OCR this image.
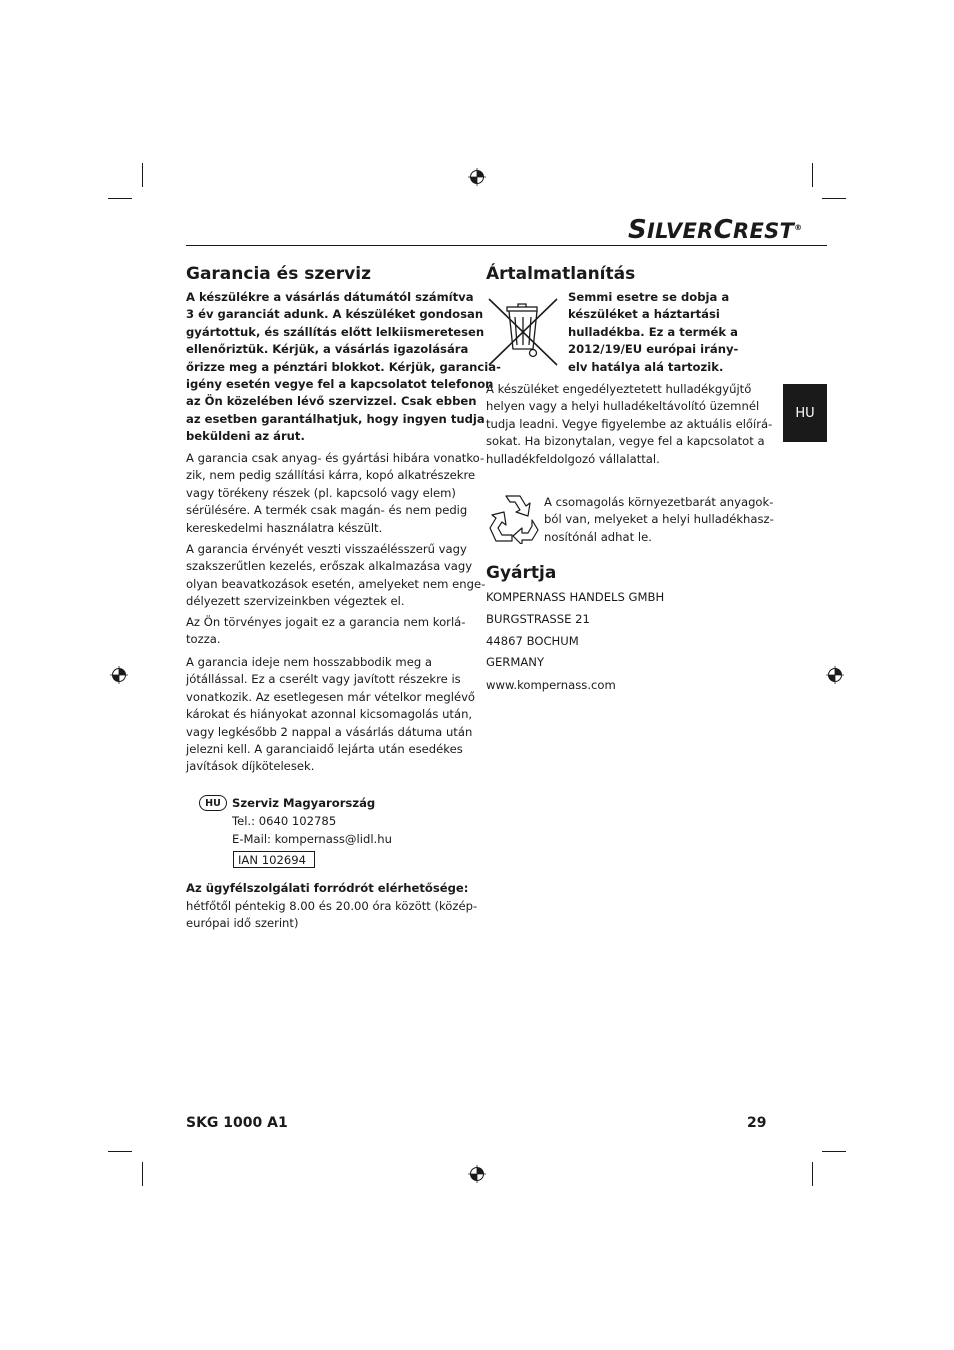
SILVERCREST®
HU
Garancia és szerviz

A készülékre a vásárlás dátumától számítva
3 év garanciát adunk. A készüléket gondosan
gyártottuk, és szállítás előtt lelkiismeretesen
ellenőriztük. Kérjük, a vásárlás igazolására
őrizze meg a pénztári blokkot. Kérjük, garancia-
igény esetén vegye fel a kapcsolatot telefonon
az Ön közelében lévő szervizzel. Csak ebben
az esetben garantálhatjuk, hogy ingyen tudja
beküldeni az árut.

A garancia csak anyag- és gyártási hibára vonatko-
zik, nem pedig szállítási kárra, kopó alkatrészekre
vagy törékeny részek (pl. kapcsoló vagy elem)
sérülésére. A termék csak magán- és nem pedig
kereskedelmi használatra készült.

A garancia érvényét veszti visszaélésszerű vagy
szakszerűtlen kezelés, erőszak alkalmazása vagy
olyan beavatkozások esetén, amelyeket nem enge-
délyezett szervizeinkben végeztek el.

Az Ön törvényes jogait ez a garancia nem korlá-
tozza.

A garancia ideje nem hosszabbodik meg a
jótállással. Ez a cserélt vagy javított részekre is
vonatkozik. Az esetlegesen már vételkor meglévő
károkat és hiányokat azonnal kicsomagolás után,
vagy legkésőbb 2 nappal a vásárlás dátuma után
jelezni kell. A garanciaidő lejárta után esedékes
javítások díjkötelesek.

HU Szerviz Magyarország

Tel.: 0640 102785

E-Mail: kompernass@lidl.hu

IAN 102694

Az ügyfélszolgálati forródrót elérhetősége:

hétfőtől péntekig 8.00 és 20.00 óra között (közép-
európai idő szerint)

Ártalmatlanítás

Semmi esetre se dobja a
készüléket a háztartási
hulladékba. Ez a termék a
2012/19/EU európai irány-
elv hatálya alá tartozik.

A készüléket engedélyeztetett hulladékgyűjtő
helyen vagy a helyi hulladékeltávolító üzemnél
tudja leadni. Vegye figyelembe az aktuális előírá-
sokat. Ha bizonytalan, vegye fel a kapcsolatot a
hulladékfeldolgozó vállalattal.

A csomagolás környezetbarát anyagok-
ból van, melyeket a helyi hulladékhasz-
nosítónál adhat le.

Gyártja

KOMPERNASS HANDELS GMBH

BURGSTRASSE 21

44867 BOCHUM

GERMANY

www.kompernass.com

SKG 1000 A1	29
